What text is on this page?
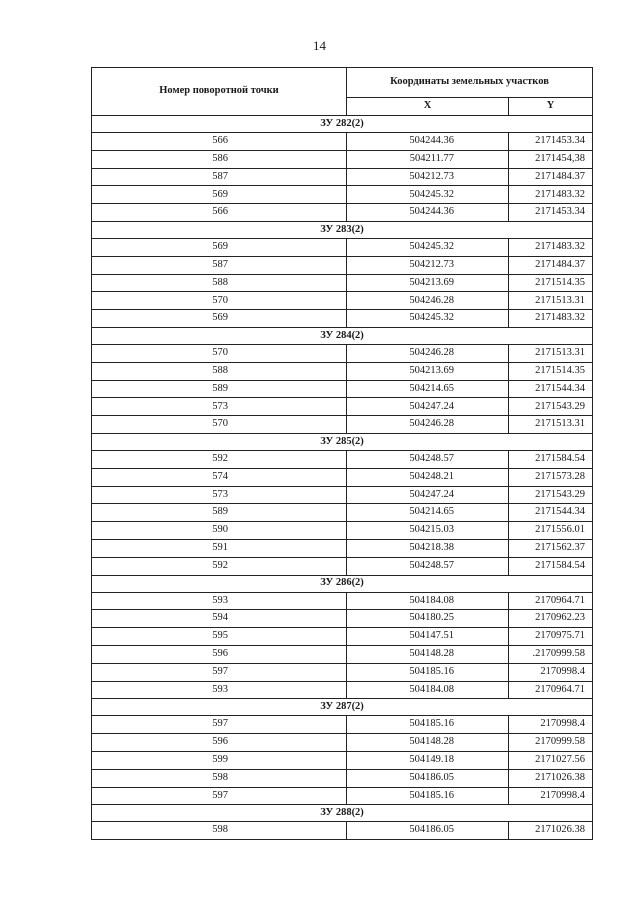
14
Номер поворотной точки	Координаты земельных участков	
	X	Y
ЗУ 282(2)		
566	504244.36	2171453.34
586	504211.77	2171454,38
587	504212.73	2171484.37
569	504245.32	2171483.32
566	504244.36	2171453.34
ЗУ 283(2)		
569	504245.32	2171483.32
587	504212.73	2171484.37
588	504213.69	2171514.35
570	504246.28	2171513.31
569	504245.32	2171483.32
ЗУ 284(2)		
570	504246.28	2171513.31
588	504213.69	2171514.35
589	504214.65	2171544.34
573	504247.24	2171543.29
570	504246.28	2171513.31
ЗУ 285(2)		
592	504248.57	2171584.54
574	504248.21	2171573.28
573	504247.24	2171543.29
589	504214.65	2171544.34
590	504215.03	2171556.01
591	504218.38	2171562.37
592	504248.57	2171584.54
ЗУ 286(2)		
593	504184.08	2170964.71
594	504180.25	2170962.23
595	504147.51	2170975.71
596	504148.28	.2170999.58
597	504185.16	2170998.4
593	504184.08	2170964.71
ЗУ 287(2)		
597	504185.16	2170998.4
596	504148.28	2170999.58
599	504149.18	2171027.56
598	504186.05	2171026.38
597	504185.16	2170998.4
ЗУ 288(2)		
598	504186.05	2171026.38
